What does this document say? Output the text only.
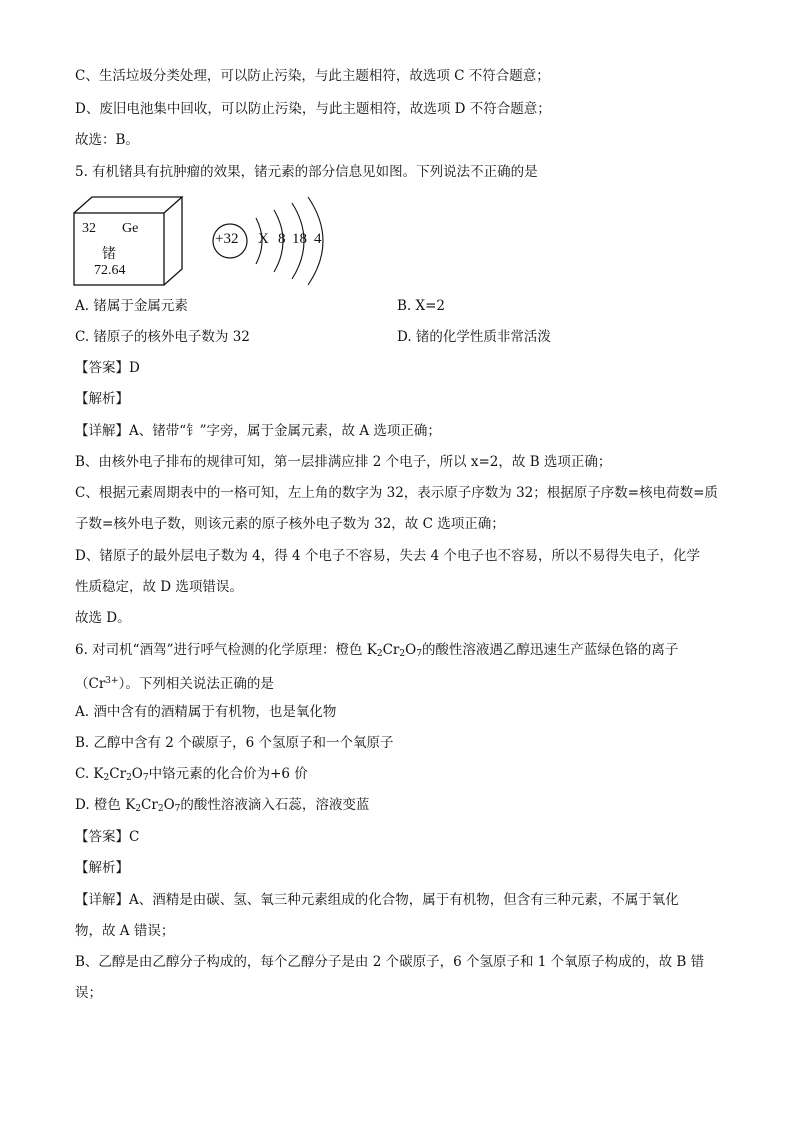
C、生活垃圾分类处理，可以防止污染，与此主题相符，故选项 C 不符合题意；
D、废旧电池集中回收，可以防止污染，与此主题相符，故选项 D 不符合题意；
故选：B。
5. 有机锗具有抗肿瘤的效果，锗元素的部分信息见如图。下列说法不正确的是
32 Ge
锗
72.64
+32 X 8 18 4
A. 锗属于金属元素	B. X=2
C. 锗原子的核外电子数为 32	D. 锗的化学性质非常活泼
【答案】D
【解析】
【详解】A、锗带“钅”字旁，属于金属元素，故 A 选项正确；
B、由核外电子排布的规律可知，第一层排满应排 2 个电子，所以 x=2，故 B 选项正确；
C、根据元素周期表中的一格可知，左上角的数字为 32，表示原子序数为 32；根据原子序数=核电荷数=质
子数=核外电子数，则该元素的原子核外电子数为 32，故 C 选项正确；
D、锗原子的最外层电子数为 4，得 4 个电子不容易，失去 4 个电子也不容易，所以不易得失电子，化学
性质稳定，故 D 选项错误。
故选 D。
6. 对司机“酒驾”进行呼气检测的化学原理：橙色 $K_2Cr_2O_7$的酸性溶液遇乙醇迅速生产蓝绿色铬的离子
$(Cr^{3+})$。下列相关说法正确的是
A. 酒中含有的酒精属于有机物，也是氧化物
B. 乙醇中含有 2 个碳原子，6 个氢原子和一个氧原子
C. $K_2Cr_2O_7$中铬元素的化合价为+6 价
D. 橙色 $K_2Cr_2O_7$的酸性溶液滴入石蕊，溶液变蓝
【答案】C
【解析】
【详解】A、酒精是由碳、氢、氧三种元素组成的化合物，属于有机物，但含有三种元素，不属于氧化
物，故 A 错误；
B、乙醇是由乙醇分子构成的，每个乙醇分子是由 2 个碳原子，6 个氢原子和 1 个氧原子构成的，故 B 错
误；
